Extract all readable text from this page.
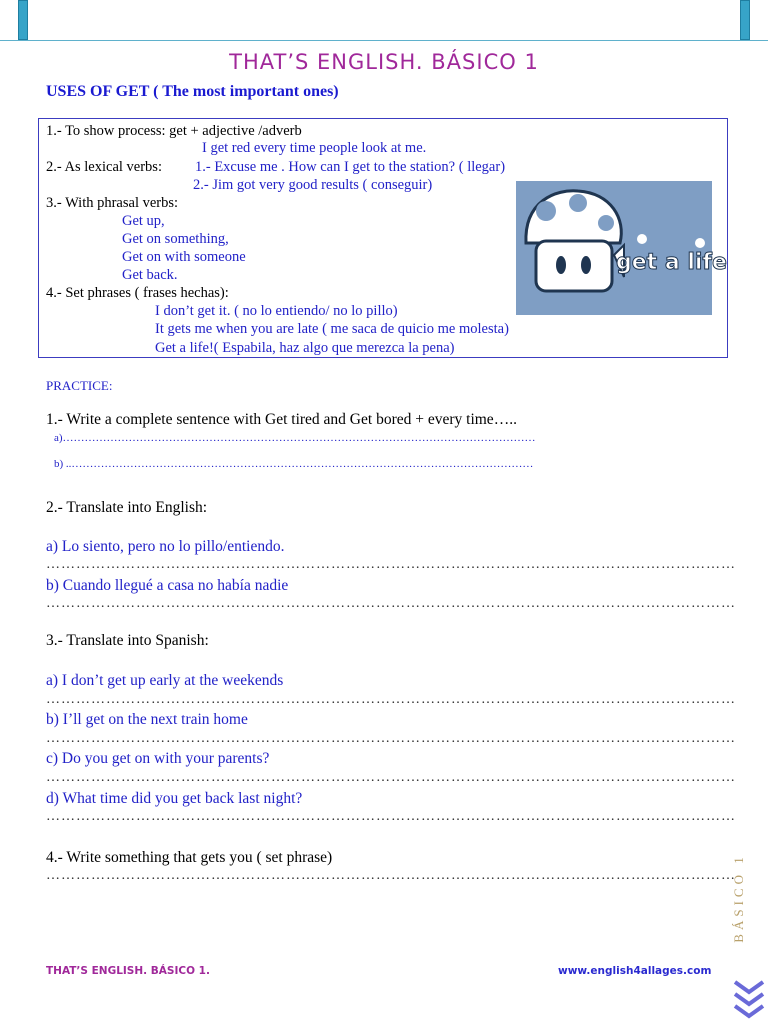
THAT’S ENGLISH. BÁSICO 1
USES OF GET ( The most important ones)
1.- To show process: get + adjective /adverb
I get red every time people look at me.
2.- As lexical verbs: 1.- Excuse me . How can I get to the station? ( llegar)
2.- Jim got very good results ( conseguir)
3.- With phrasal verbs:
Get up,
Get on something,
Get on with someone
Get back.
4.- Set phrases ( frases hechas):
I don’t get it. ( no lo entiendo/ no lo pillo)
It gets me when you are late ( me saca de quicio me molesta)
Get a life!( Espabila, haz algo que merezca la pena)
get a life
PRACTICE:
1.- Write a complete sentence with Get tired and Get bored + every time…..
a)…………………………………………………………………………………………………………………
b) ..………………………………………………………………………………………………………………
2.- Translate into English:
a) Lo siento, pero no lo pillo/entiendo.
…………………………………………………………………………………………………………………………
b) Cuando llegué a casa no había nadie
…………………………………………………………………………………………………………………………
3.- Translate into Spanish:
a) I don’t get up early at the weekends
…………………………………………………………………………………………………………………………
b) I’ll get on the next train home
…………………………………………………………………………………………………………………………
c) Do you get on with your parents?
…………………………………………………………………………………………………………………………
d) What time did you get back last night?
…………………………………………………………………………………………………………………………
4.- Write something that gets you ( set phrase)
…………………………………………………………………………………………………………………………
BÁSICO 1
THAT’S ENGLISH. BÁSICO 1.	www.english4allages.com
